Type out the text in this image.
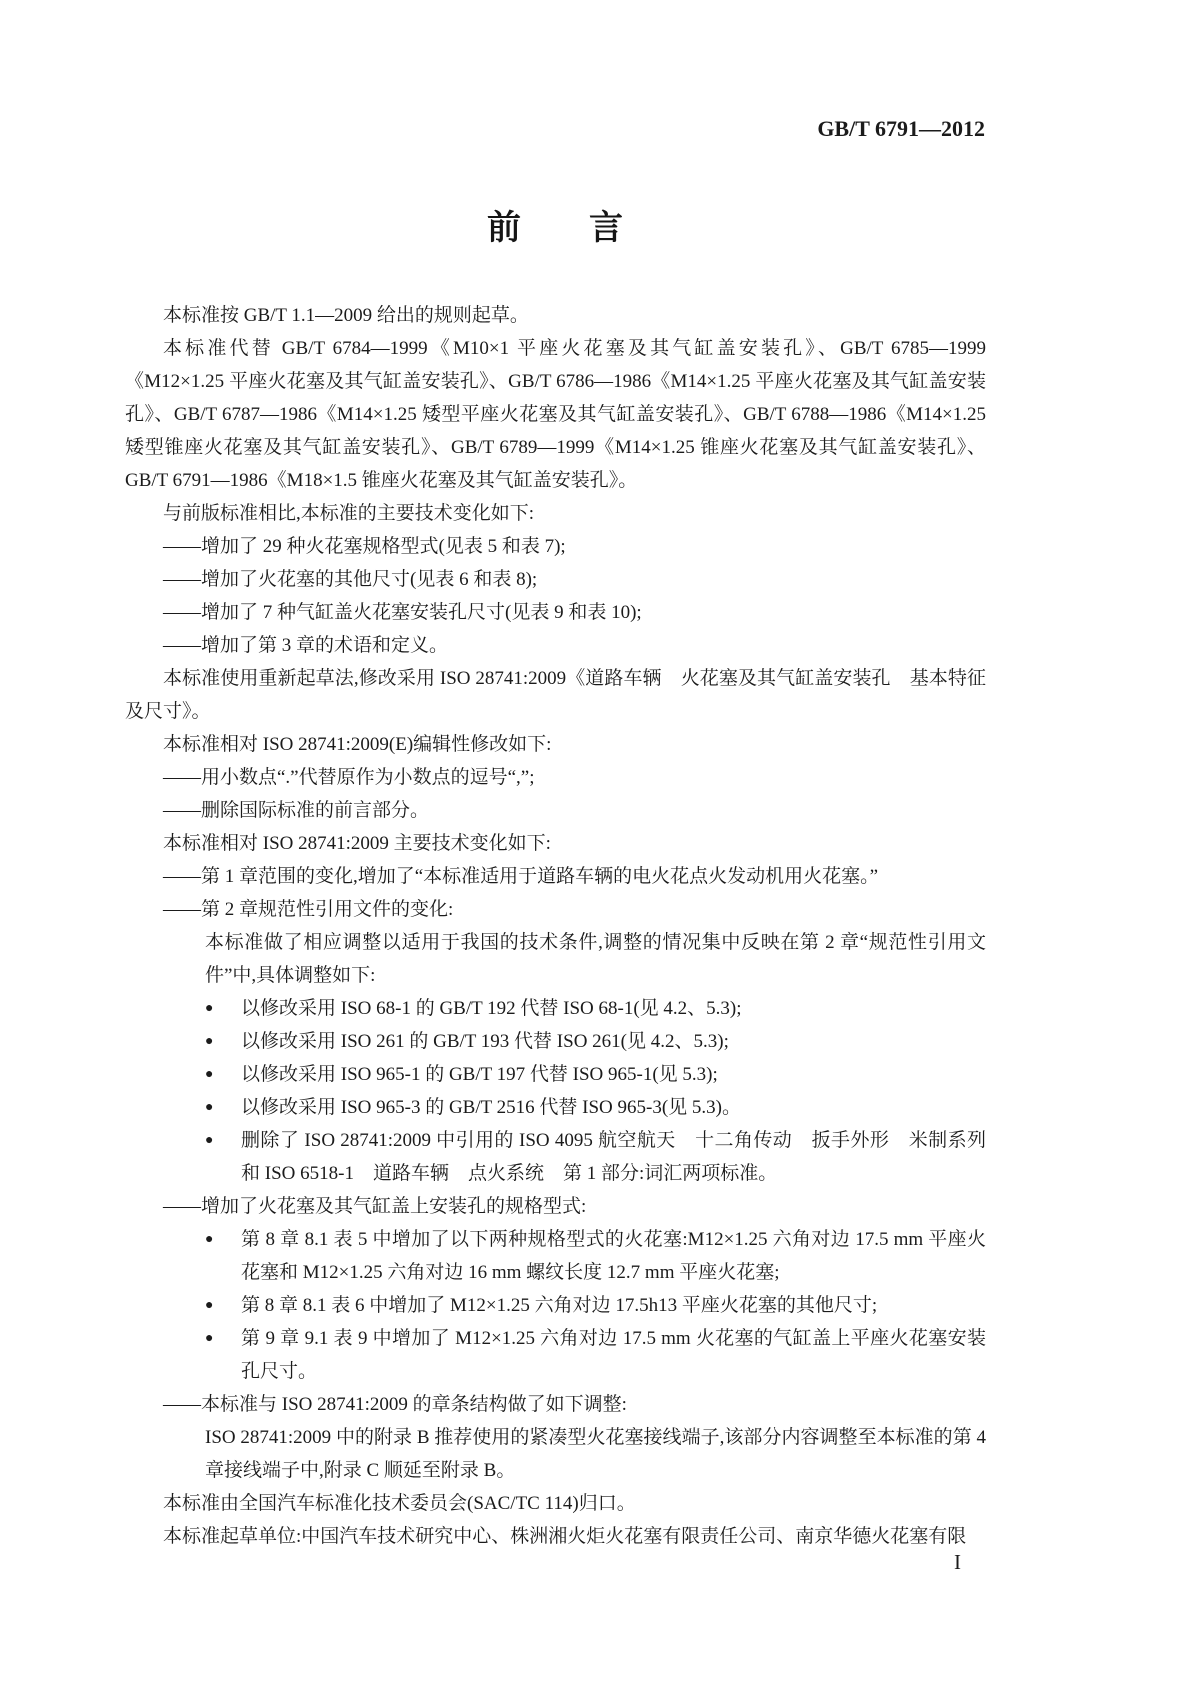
GB/T 6791—2012
前　　言
本标准按 GB/T 1.1—2009 给出的规则起草。
本标准代替 GB/T 6784—1999《M10×1 平座火花塞及其气缸盖安装孔》、GB/T 6785—1999《M12×1.25 平座火花塞及其气缸盖安装孔》、GB/T 6786—1986《M14×1.25 平座火花塞及其气缸盖安装孔》、GB/T 6787—1986《M14×1.25 矮型平座火花塞及其气缸盖安装孔》、GB/T 6788—1986《M14×1.25 矮型锥座火花塞及其气缸盖安装孔》、GB/T 6789—1999《M14×1.25 锥座火花塞及其气缸盖安装孔》、GB/T 6791—1986《M18×1.5 锥座火花塞及其气缸盖安装孔》。
与前版标准相比,本标准的主要技术变化如下:
——增加了 29 种火花塞规格型式(见表 5 和表 7);
——增加了火花塞的其他尺寸(见表 6 和表 8);
——增加了 7 种气缸盖火花塞安装孔尺寸(见表 9 和表 10);
——增加了第 3 章的术语和定义。
本标准使用重新起草法,修改采用 ISO 28741:2009《道路车辆　火花塞及其气缸盖安装孔　基本特征及尺寸》。
本标准相对 ISO 28741:2009(E)编辑性修改如下:
——用小数点“.”代替原作为小数点的逗号“,”;
——删除国际标准的前言部分。
本标准相对 ISO 28741:2009 主要技术变化如下:
——第 1 章范围的变化,增加了“本标准适用于道路车辆的电火花点火发动机用火花塞。”
——第 2 章规范性引用文件的变化:
本标准做了相应调整以适用于我国的技术条件,调整的情况集中反映在第 2 章“规范性引用文件”中,具体调整如下:
●	以修改采用 ISO 68-1 的 GB/T 192 代替 ISO 68-1(见 4.2、5.3);
●	以修改采用 ISO 261 的 GB/T 193 代替 ISO 261(见 4.2、5.3);
●	以修改采用 ISO 965-1 的 GB/T 197 代替 ISO 965-1(见 5.3);
●	以修改采用 ISO 965-3 的 GB/T 2516 代替 ISO 965-3(见 5.3)。
●	删除了 ISO 28741:2009 中引用的 ISO 4095 航空航天　十二角传动　扳手外形　米制系列和 ISO 6518-1　道路车辆　点火系统　第 1 部分:词汇两项标准。
——增加了火花塞及其气缸盖上安装孔的规格型式:
●	第 8 章 8.1 表 5 中增加了以下两种规格型式的火花塞:M12×1.25 六角对边 17.5 mm 平座火花塞和 M12×1.25 六角对边 16 mm 螺纹长度 12.7 mm 平座火花塞;
●	第 8 章 8.1 表 6 中增加了 M12×1.25 六角对边 17.5h13 平座火花塞的其他尺寸;
●	第 9 章 9.1 表 9 中增加了 M12×1.25 六角对边 17.5 mm 火花塞的气缸盖上平座火花塞安装孔尺寸。
——本标准与 ISO 28741:2009 的章条结构做了如下调整:
ISO 28741:2009 中的附录 B 推荐使用的紧凑型火花塞接线端子,该部分内容调整至本标准的第 4 章接线端子中,附录 C 顺延至附录 B。
本标准由全国汽车标准化技术委员会(SAC/TC 114)归口。
本标准起草单位:中国汽车技术研究中心、株洲湘火炬火花塞有限责任公司、南京华德火花塞有限
I
